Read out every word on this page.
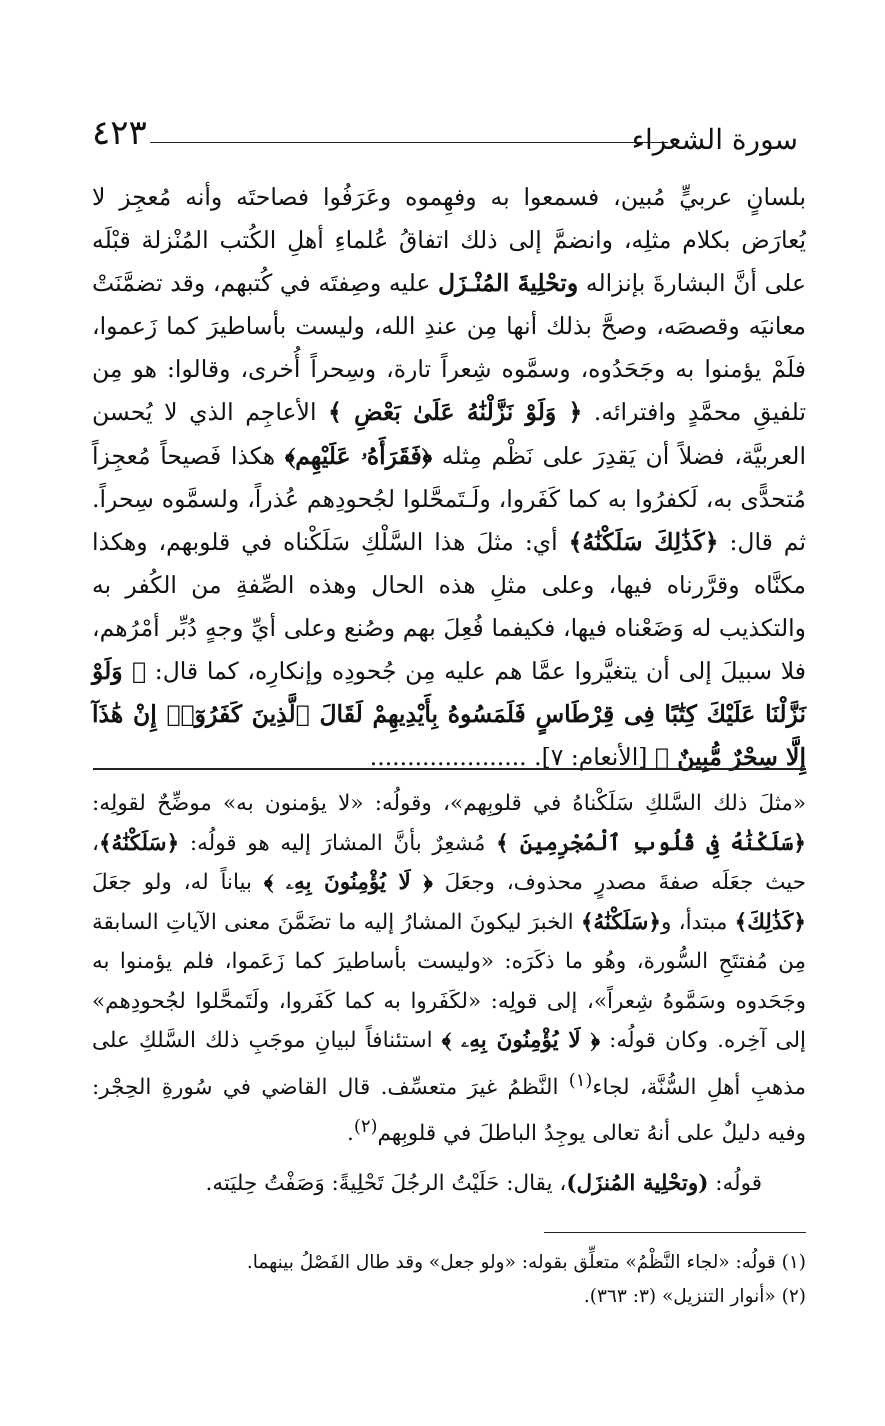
٤٢٣	سورة الشعراء

بلسانٍ عربيٍّ مُبين، فسمعوا به وفهِموه وعَرَفُوا فصاحتَه وأنه مُعجِز لا يُعارَض بكلام مثلِه، وانضمَّ إلى ذلك اتفاقُ عُلماءِ أهلِ الكُتب المُنْزلة قبْلَه على أنَّ البشارةَ بإنزاله وتحْلِيةَ المُنْـزَل عليه وصِفتَه في كُتبهم، وقد تضمَّنَتْ معانيَه وقصصَه، وصحَّ بذلك أنها مِن عندِ الله، وليست بأساطيرَ كما زَعموا، فلَمْ يؤمنوا به وجَحَدُوه، وسمَّوه شِعراً تارة، وسِحراً أُخرى، وقالوا: هو مِن تلفيقِ محمَّدٍ وافترائه. ﴿ وَلَوْ نَزَّلْنَٰهُ عَلَىٰ بَعْضِ ﴾ الأعاجِم الذي لا يُحسن العربيَّة، فضلاً أن يَقدِرَ على نَظْم مِثله ﴿فَقَرَأَهُۥ عَلَيْهِم﴾ هكذا فَصيحاً مُعجِزاً مُتحدًّى به، لَكفرُوا به كما كَفَروا، ولَـتَمحَّلوا لجُحودِهم عُذراً، ولسمَّوه سِحراً. ثم قال: ﴿كَذَٰلِكَ سَلَكْنَٰهُ﴾ أي: مثلَ هذا السَّلْكِ سَلَكْناه في قلوبهم، وهكذا مكنَّاه وقرَّرناه فيها، وعلى مثلِ هذه الحال وهذه الصِّفةِ من الكُفر به والتكذيب له وَضَعْناه فيها، فكيفما فُعِلَ بهم وصُنع وعلى أيِّ وجهٍ دُبِّر أمْرُهم، فلا سبيلَ إلى أن يتغيَّروا عمَّا هم عليه مِن جُحودِه وإنكارِه، كما قال: ﴿ وَلَوْ نَزَّلْنَا عَلَيْكَ كِتَٰبًا فِى قِرْطَاسٍ فَلَمَسُوهُ بِأَيْدِيهِمْ لَقَالَ ٱلَّذِينَ كَفَرُوٓا۟ إِنْ هَٰذَآ إِلَّا سِحْرٌ مُّبِينٌ ﴾ [الأنعام: ٧]. .....................

«مثلَ ذلك السَّلكِ سَلَكْناهُ في قلوبِهم»، وقولُه: «لا يؤمنون به» موضِّحٌ لقولِه: ﴿سَلَكْنَٰهُ فِى قُلُوبِ ٱلْمُجْرِمِينَ ﴾ مُشعِرٌ بأنَّ المشارَ إليه هو قولُه: ﴿سَلَكْنَٰهُ﴾، حيث جعَلَه صفةَ مصدرٍ محذوف، وجعَلَ ﴿ لَا يُؤْمِنُونَ بِهِۦ ﴾ بياناً له، ولو جعَلَ ﴿كَذَٰلِكَ﴾ مبتدأ، و﴿سَلَكْنَٰهُ﴾ الخبرَ ليكونَ المشارُ إليه ما تضَمَّنَ معنى الآياتِ السابقة مِن مُفتتَحِ السُّورة، وهُو ما ذكَرَه: «وليست بأساطيرَ كما زَعَموا، فلم يؤمنوا به وجَحَدوه وسَمَّوهُ شِعراً»، إلى قولِه: «لكَفَروا به كما كَفَروا، ولَتَمحَّلوا لجُحودِهم» إلى آخِره. وكان قولُه: ﴿ لَا يُؤْمِنُونَ بِهِۦ ﴾ استئنافاً لبيانِ موجَبِ ذلك السَّلكِ على مذهبِ أهلِ السُّنَّة، لجاء$^{(١)}$ النَّظمُ غيرَ متعسِّف. قال القاضي في سُورةِ الحِجْر: وفيه دليلٌ على أنهُ تعالى يوجِدُ الباطلَ في قلوبِهم$^{(٢)}$.

قولُه: (وتحْلِية المُنزَل)، يقال: حَلَيْتُ الرجُلَ تَحْلِيةً: وَصَفْتُ حِليَته.

(١) قولُه: «لجاء النَّظْمُ» متعلِّق بقوله: «ولو جعل» وقد طال الفَصْلُ بينهما.

(٢) «أنوار التنزيل» (٣: ٣٦٣).
